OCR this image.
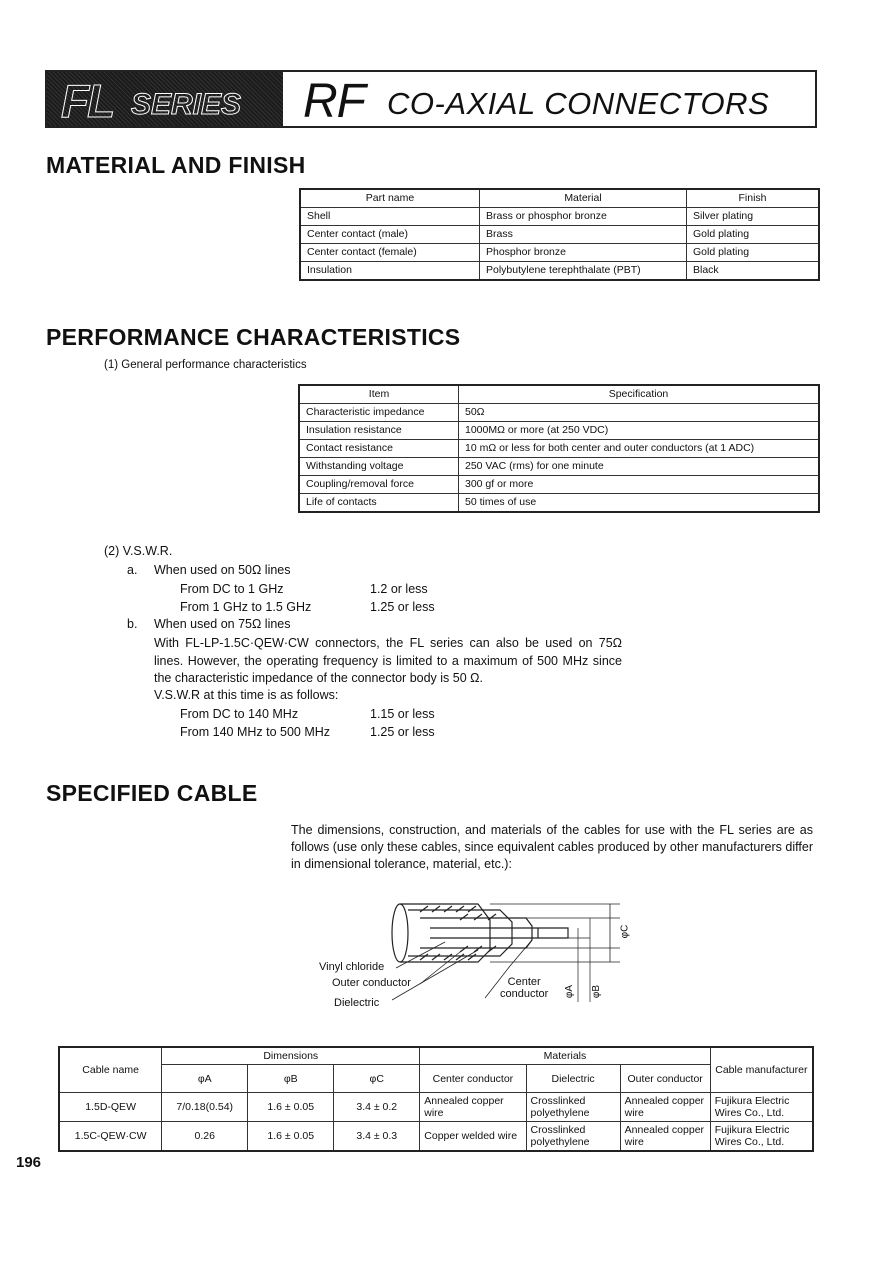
FL SERIES RF CO-AXIAL CONNECTORS
MATERIAL AND FINISH
Part name	Material	Finish
Shell	Brass or phosphor bronze	Silver plating
Center contact (male)	Brass	Gold plating
Center contact (female)	Phosphor bronze	Gold plating
Insulation	Polybutylene terephthalate (PBT)	Black
PERFORMANCE CHARACTERISTICS
(1) General performance characteristics
Item	Specification
Characteristic impedance	50Ω
Insulation resistance	1000MΩ or more (at 250 VDC)
Contact resistance	10 mΩ or less for both center and outer conductors (at 1 ADC)
Withstanding voltage	250 VAC (rms) for one minute
Coupling/removal force	300 gf or more
Life of contacts	50 times of use
(2) V.S.W.R.
a. When used on 50Ω lines
From DC to 1 GHz	1.2 or less
From 1 GHz to 1.5 GHz	1.25 or less
b. When used on 75Ω lines
With FL-LP-1.5C·QEW·CW connectors, the FL series can also be used on 75Ω lines. However, the operating frequency is limited to a maximum of 500 MHz since the characteristic impedance of the connector body is 50 Ω.
V.S.W.R at this time is as follows:
From DC to 140 MHz	1.15 or less
From 140 MHz to 500 MHz	1.25 or less
SPECIFIED CABLE
The dimensions, construction, and materials of the cables for use with the FL series are as follows (use only these cables, since equivalent cables produced by other manufacturers differ in dimensional tolerance, material, etc.):
Vinyl chloride
Outer conductor
Dielectric
Center
conductor φA φB
φC
Cable name	Dimensions			Materials			Cable manufacturer
	φA	φB	φC	Center conductor	Dielectric	Outer conductor	
1.5D-QEW	7/0.18(0.54)	1.6 ± 0.05	3.4 ± 0.2	Annealed copper wire	Crosslinked polyethylene	Annealed copper wire	Fujikura Electric Wires Co., Ltd.
1.5C-QEW·CW	0.26	1.6 ± 0.05	3.4 ± 0.3	Copper welded wire	Crosslinked polyethylene	Annealed copper wire	Fujikura Electric Wires Co., Ltd.
196
